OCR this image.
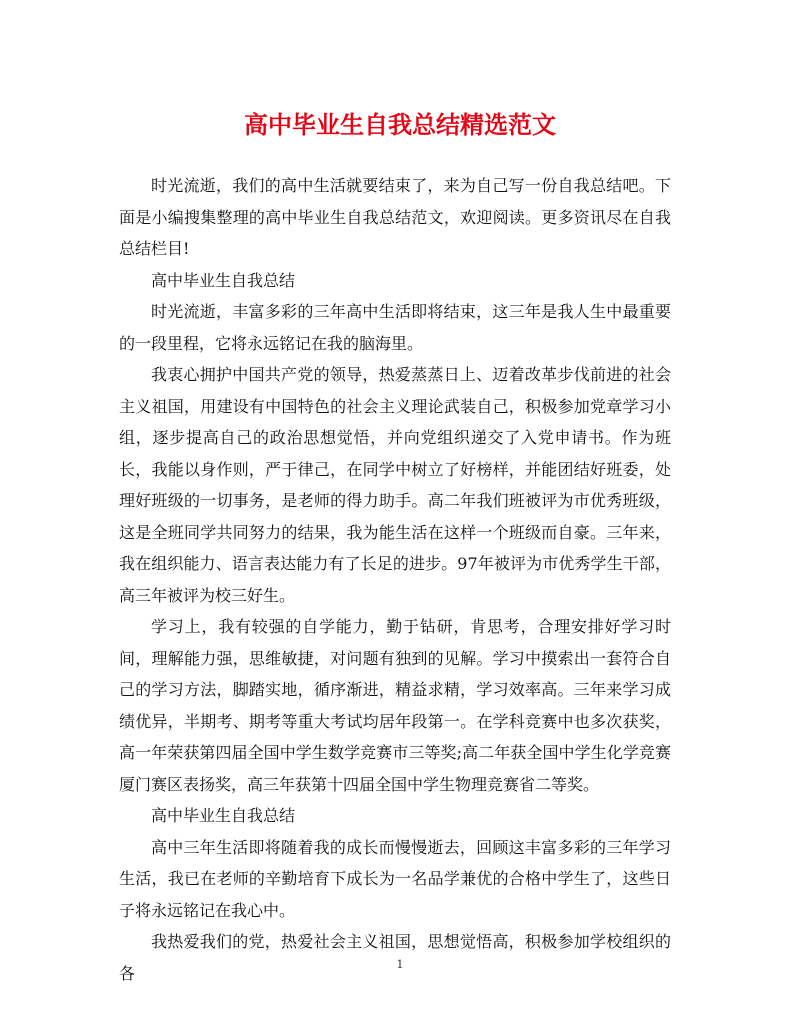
高中毕业生自我总结精选范文

时光流逝，我们的高中生活就要结束了，来为自己写一份自我总结吧。下面是小编搜集整理的高中毕业生自我总结范文，欢迎阅读。更多资讯尽在自我总结栏目!

高中毕业生自我总结

时光流逝，丰富多彩的三年高中生活即将结束，这三年是我人生中最重要的一段里程，它将永远铭记在我的脑海里。

我衷心拥护中国共产党的领导，热爱蒸蒸日上、迈着改革步伐前进的社会主义祖国，用建设有中国特色的社会主义理论武装自己，积极参加党章学习小组，逐步提高自己的政治思想觉悟，并向党组织递交了入党申请书。作为班长，我能以身作则，严于律己，在同学中树立了好榜样，并能团结好班委，处理好班级的一切事务，是老师的得力助手。高二年我们班被评为市优秀班级，这是全班同学共同努力的结果，我为能生活在这样一个班级而自豪。三年来，我在组织能力、语言表达能力有了长足的进步。97年被评为市优秀学生干部，高三年被评为校三好生。

学习上，我有较强的自学能力，勤于钻研，肯思考，合理安排好学习时间，理解能力强，思维敏捷，对问题有独到的见解。学习中摸索出一套符合自己的学习方法，脚踏实地，循序渐进，精益求精，学习效率高。三年来学习成绩优异，半期考、期考等重大考试均居年段第一。在学科竞赛中也多次获奖，高一年荣获第四届全国中学生数学竞赛市三等奖;高二年获全国中学生化学竞赛厦门赛区表扬奖，高三年获第十四届全国中学生物理竞赛省二等奖。

高中毕业生自我总结

高中三年生活即将随着我的成长而慢慢逝去，回顾这丰富多彩的三年学习生活，我已在老师的辛勤培育下成长为一名品学兼优的合格中学生了，这些日子将永远铭记在我心中。

我热爱我们的党，热爱社会主义祖国，思想觉悟高，积极参加学校组织的各	1
